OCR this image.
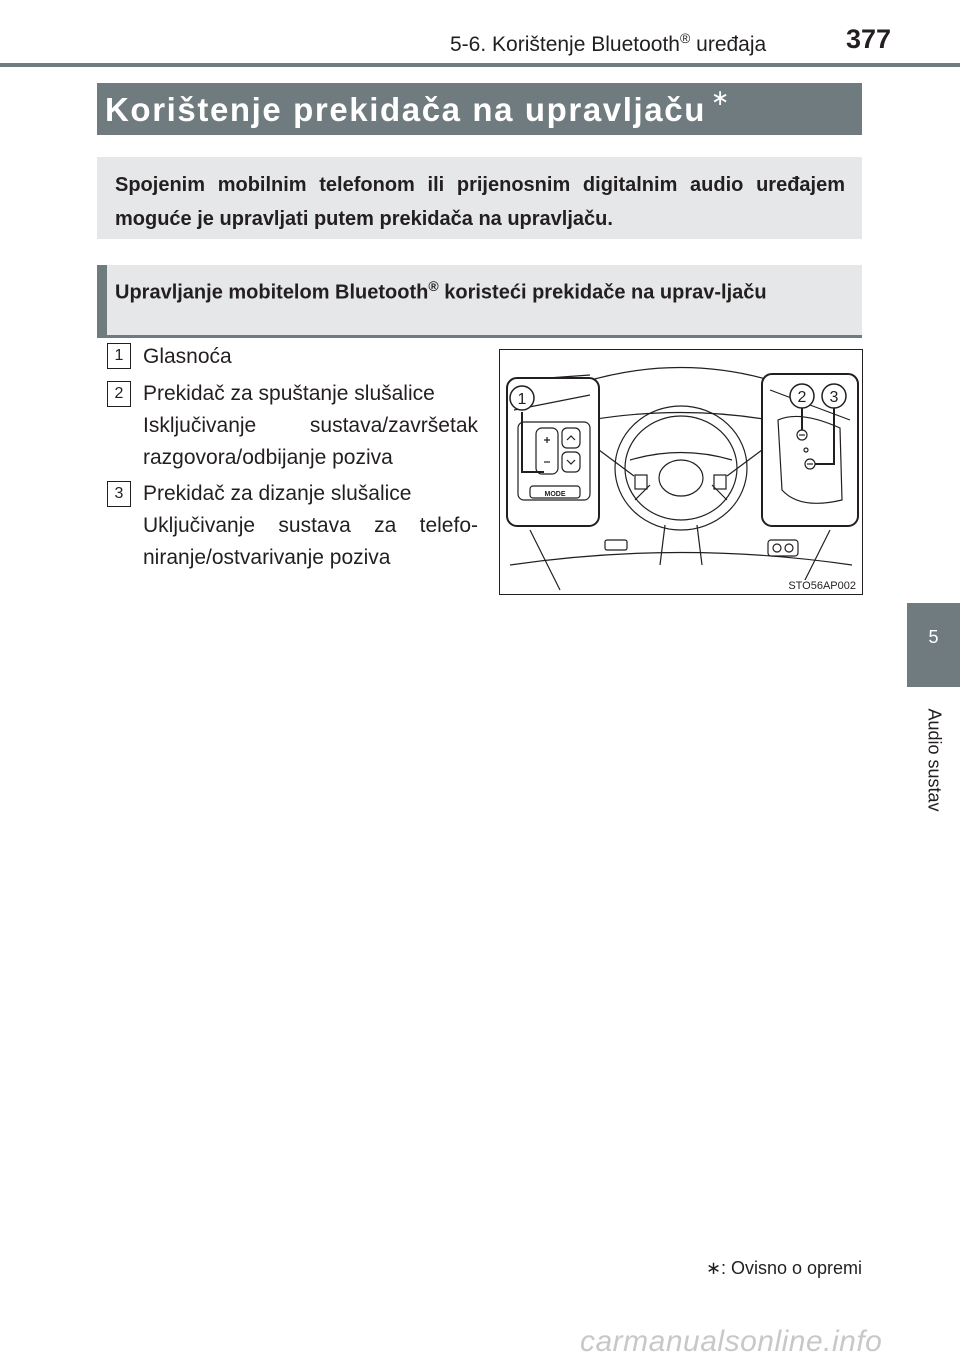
5-6. Korištenje Bluetooth® uređaja	377
Korištenje prekidača na upravljaču ∗
Spojenim mobilnim telefonom ili prijenosnim digitalnim audio uređajem moguće je upravljati putem prekidača na upravljaču.
Upravljanje mobitelom Bluetooth® koristeći prekidače na uprav-ljaču
1 Glasnoća
2 Prekidač za spuštanje slušalice
Isključivanje sustava/završetak
razgovora/odbijanje poziva
3 Prekidač za dizanje slušalice
Uključivanje sustava za telefo-
niranje/ostvarivanje poziva
MODE
1	2 3
STO56AP002
5
Audio sustav
∗: Ovisno o opremi
carmanualsonline.info
